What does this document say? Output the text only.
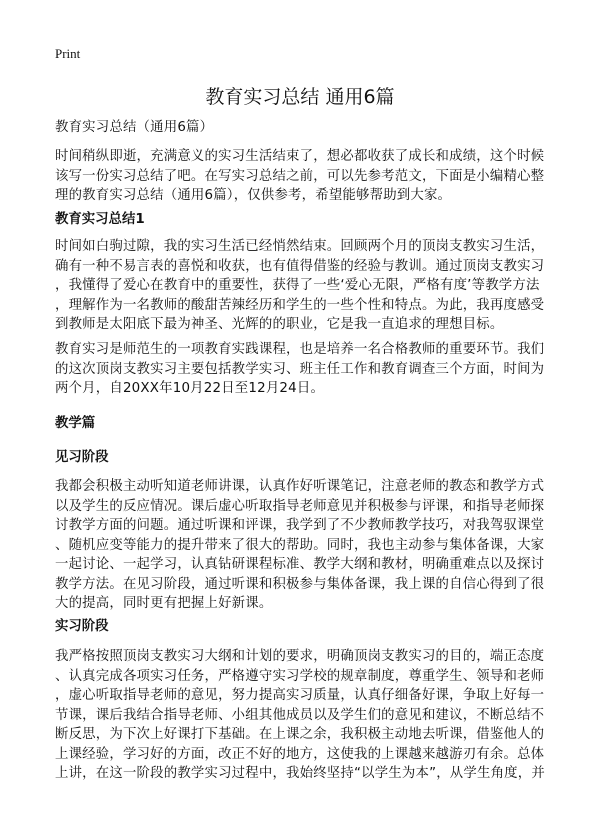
Print
教育实习总结 通用6篇
教育实习总结（通用6篇）
时间稍纵即逝，充满意义的实习生活结束了，想必都收获了成长和成绩，这个时候
该写一份实习总结了吧。在写实习总结之前，可以先参考范文，下面是小编精心整
理的教育实习总结（通用6篇），仅供参考，希望能够帮助到大家。
教育实习总结1
时间如白驹过隙，我的实习生活已经悄然结束。回顾两个月的顶岗支教实习生活，
确有一种不易言表的喜悦和收获，也有值得借鉴的经验与教训。通过顶岗支教实习
，我懂得了爱心在教育中的重要性，获得了一些‘爱心无限，严格有度’等教学方法
，理解作为一名教师的酸甜苦辣经历和学生的一些个性和特点。为此，我再度感受
到教师是太阳底下最为神圣、光辉的的职业，它是我一直追求的理想目标。
教育实习是师范生的一项教育实践课程，也是培养一名合格教师的重要环节。我们
的这次顶岗支教实习主要包括教学实习、班主任工作和教育调查三个方面，时间为
两个月，自20XX年10月22日至12月24日。
教学篇
见习阶段
我都会积极主动听知道老师讲课，认真作好听课笔记，注意老师的教态和教学方式
以及学生的反应情况。课后虚心听取指导老师意见并积极参与评课，和指导老师探
讨教学方面的问题。通过听课和评课，我学到了不少教师教学技巧，对我驾驭课堂
、随机应变等能力的提升带来了很大的帮助。同时，我也主动参与集体备课，大家
一起讨论、一起学习，认真钻研课程标准、教学大纲和教材，明确重难点以及探讨
教学方法。在见习阶段，通过听课和积极参与集体备课，我上课的自信心得到了很
大的提高，同时更有把握上好新课。
实习阶段
我严格按照顶岗支教实习大纲和计划的要求，明确顶岗支教实习的目的，端正态度
、认真完成各项实习任务，严格遵守实习学校的规章制度，尊重学生、领导和老师
，虚心听取指导老师的意见，努力提高实习质量，认真仔细备好课，争取上好每一
节课，课后我结合指导老师、小组其他成员以及学生们的意见和建议，不断总结不
断反思，为下次上好课打下基础。在上课之余，我积极主动地去听课，借鉴他人的
上课经验，学习好的方面，改正不好的地方，这使我的上课越来越游刃有余。总体
上讲，在这一阶段的教学实习过程中，我始终坚持“以学生为本”，从学生角度，并
